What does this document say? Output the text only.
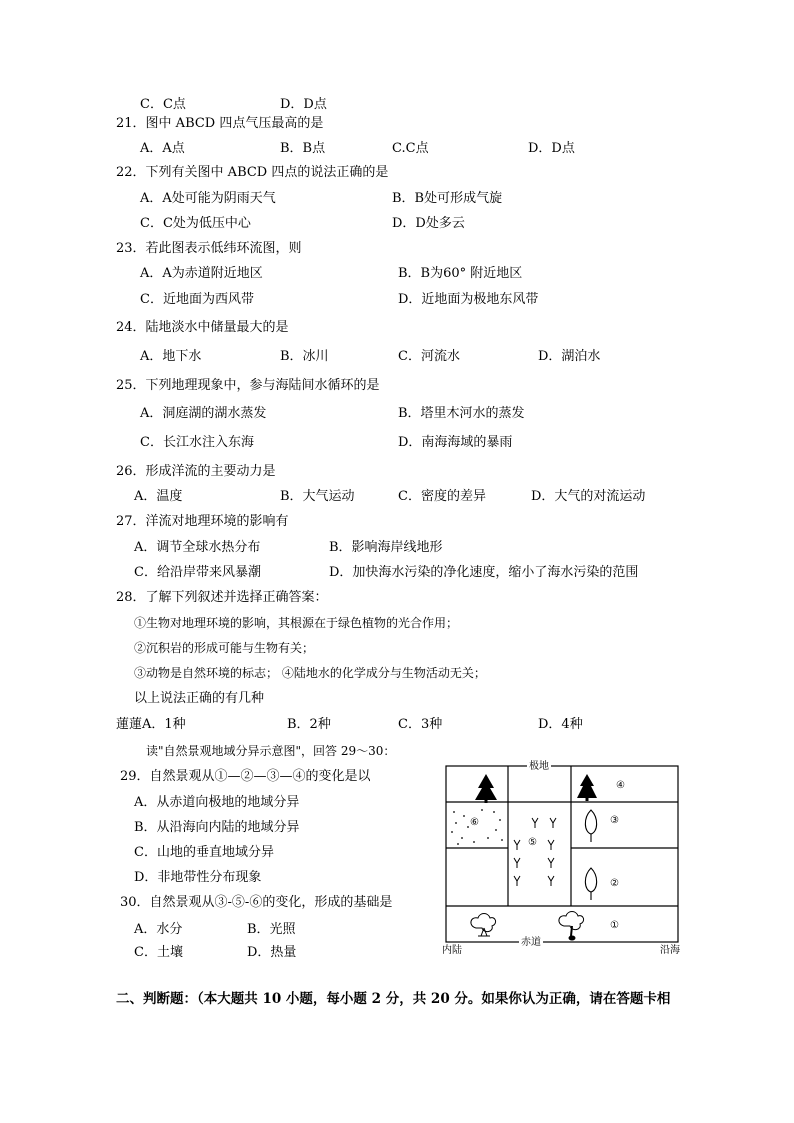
C．C点	D．D点
21．图中 ABCD 四点气压最高的是
A．A点	B．B点	C.C点	D．D点
22．下列有关图中 ABCD 四点的说法正确的是
A．A处可能为阴雨天气	B．B处可形成气旋
C．C处为低压中心	D．D处多云
23．若此图表示低纬环流图，则
A．A为赤道附近地区	B．B为60° 附近地区
C．近地面为西风带	D．近地面为极地东风带
24．陆地淡水中储量最大的是
A．地下水	B．冰川	C．河流水	D．湖泊水
25．下列地理现象中，参与海陆间水循环的是
A．洞庭湖的湖水蒸发	B．塔里木河水的蒸发
C．长江水注入东海	D．南海海域的暴雨
26．形成洋流的主要动力是
A．温度	B．大气运动	C．密度的差异	D．大气的对流运动
27．洋流对地理环境的影响有
A．调节全球水热分布	B．影响海岸线地形
C．给沿岸带来风暴潮	D．加快海水污染的净化速度，缩小了海水污染的范围
28．了解下列叙述并选择正确答案：
①生物对地理环境的影响，其根源在于绿色植物的光合作用；
②沉积岩的形成可能与生物有关；
③动物是自然环境的标志； ④陆地水的化学成分与生物活动无关；
以上说法正确的有几种
蓮蓮A．1种	B．2种	C．3种	D．4种
读"自然景观地域分异示意图"，回答 29～30：
29．自然景观从①—②—③—④的变化是以
A．从赤道向极地的地域分异
B．从沿海向内陆的地域分异
C．山地的垂直地域分异
D．非地带性分布现象
30．自然景观从③-⑤-⑥的变化，形成的基础是
A．水分	B．光照
C．土壤	D．热量
极地
赤道
内陆	沿海
①
②
③
④
⑤
⑥
二、判断题：（本大题共 10 小题，每小题 2 分，共 20 分。如果你认为正确，请在答题卡相
